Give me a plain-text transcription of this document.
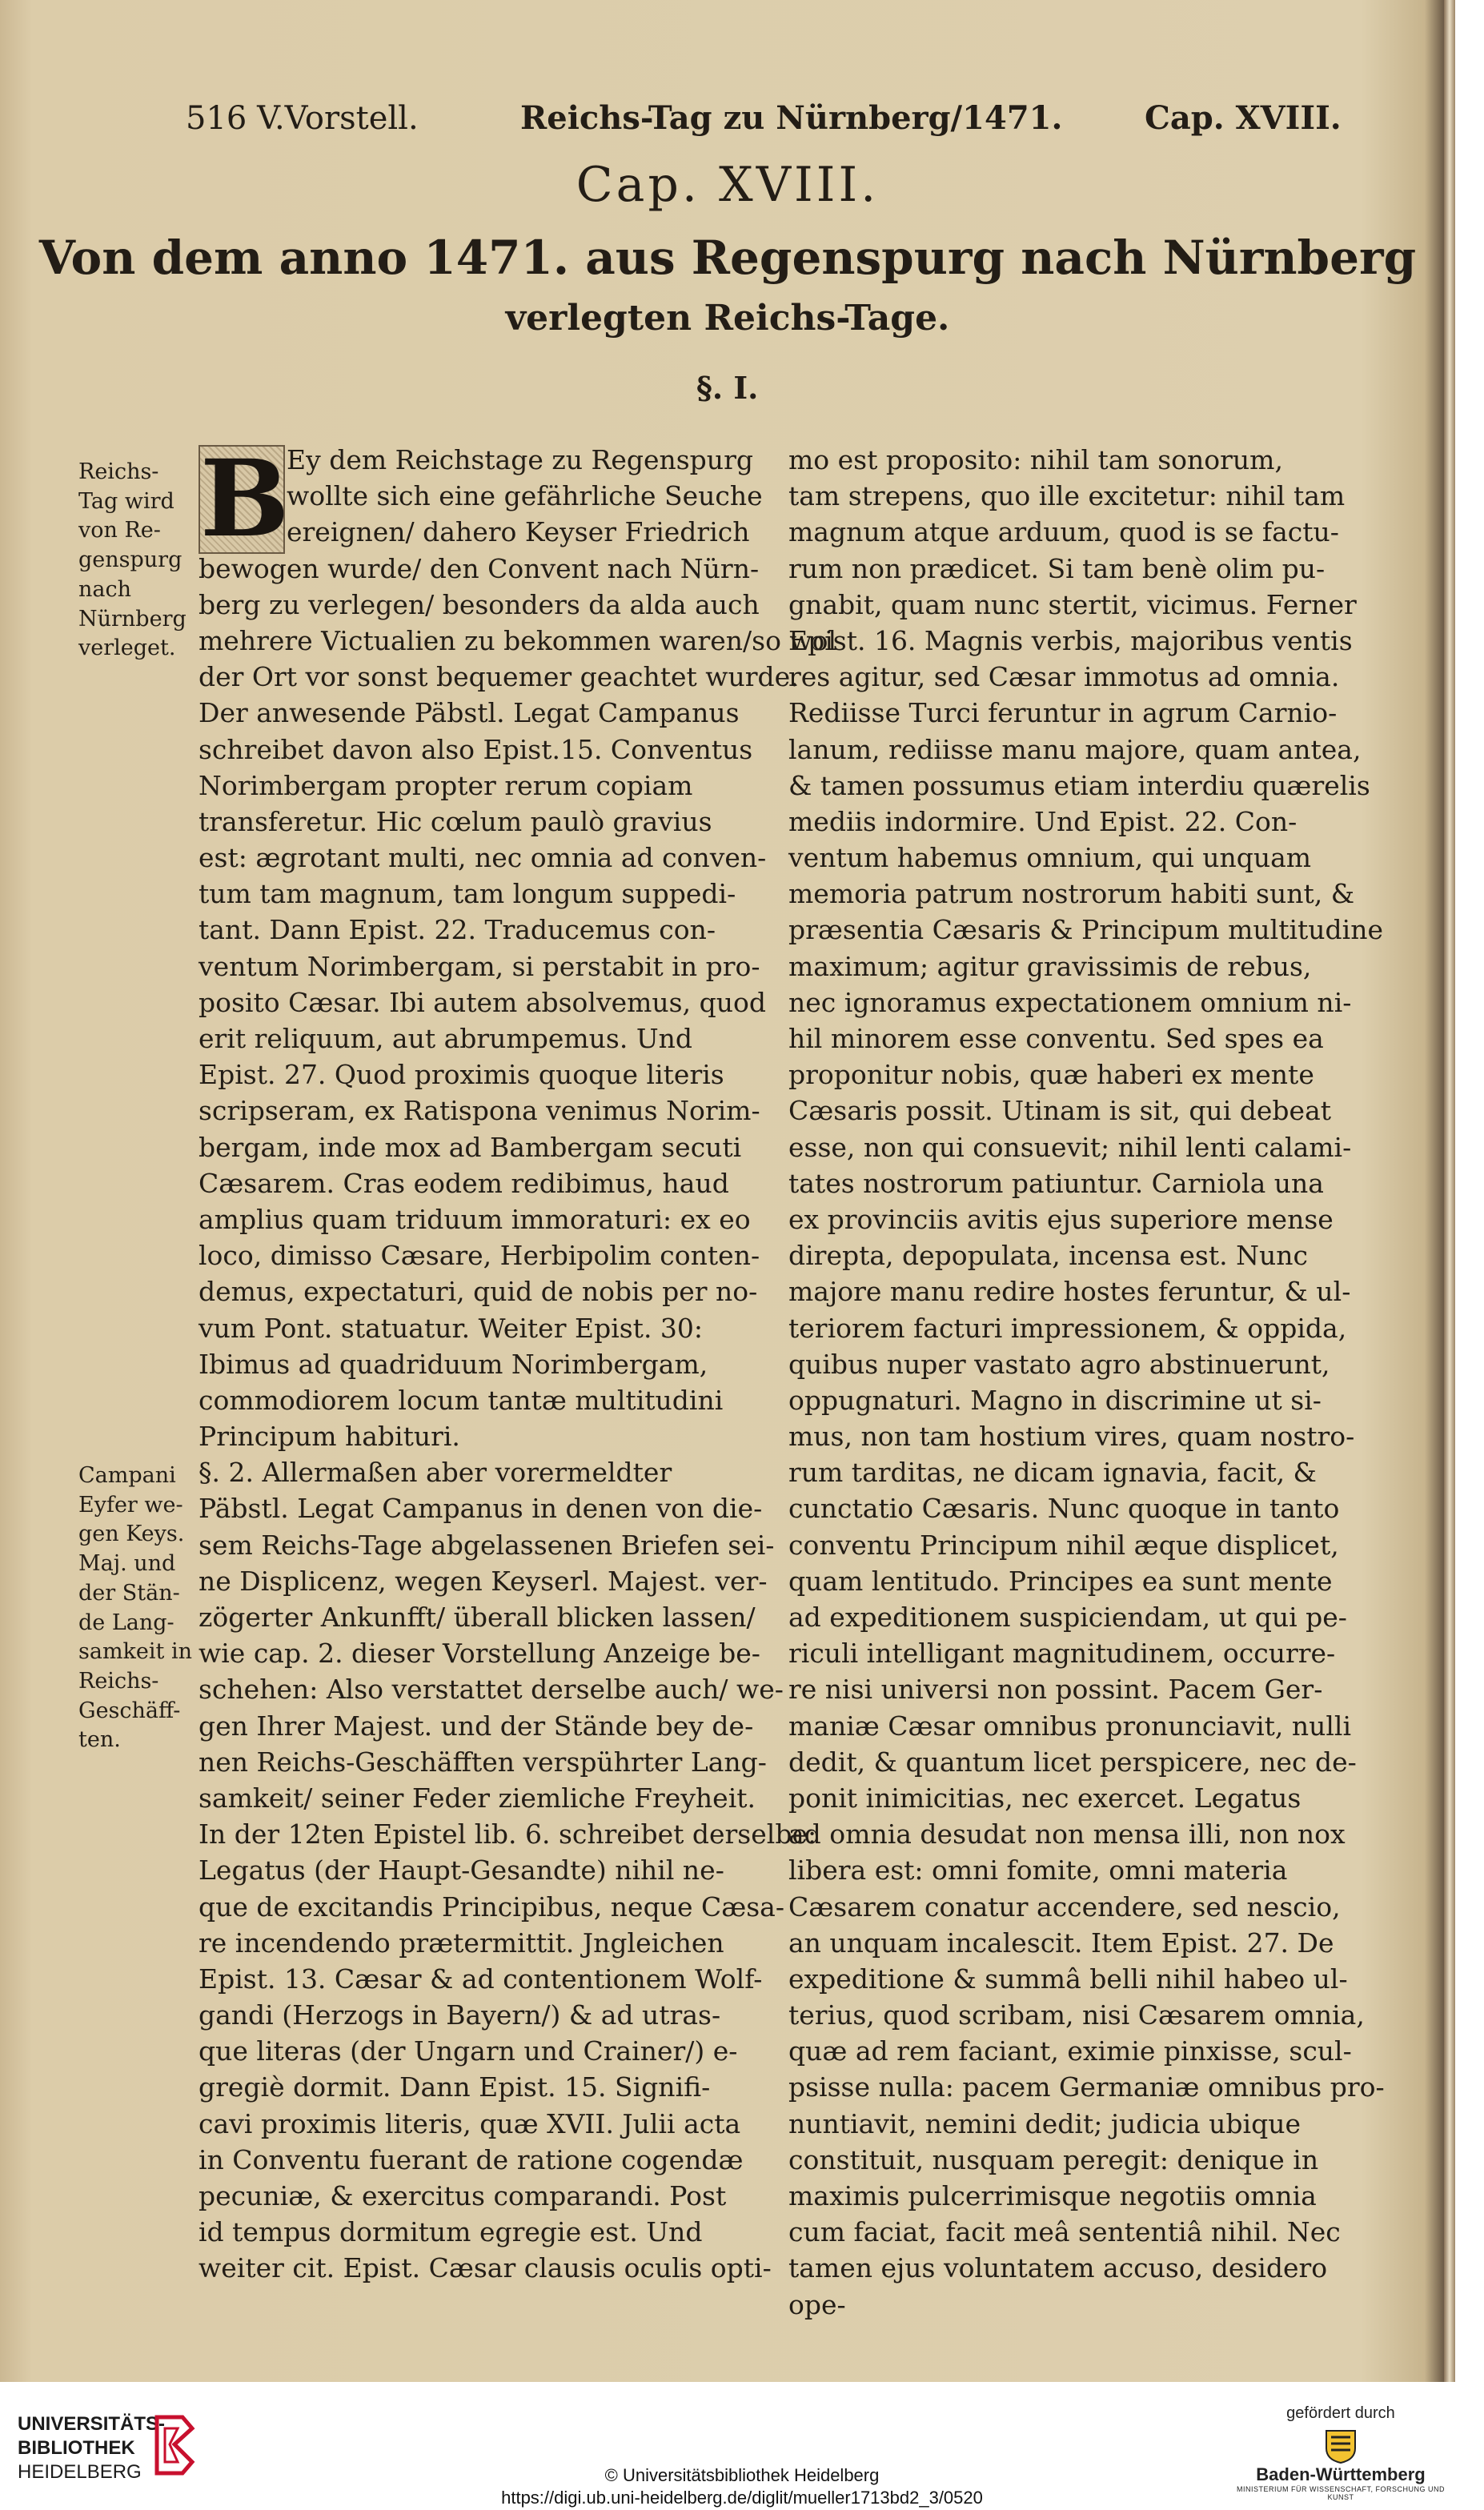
516 V.Vorstell.	Reichs-Tag zu Nürnberg/1471.	Cap. XVIII.
Cap. XVIII.
Von dem anno 1471. aus Regenspurg nach Nürnberg
verlegten Reichs-Tage.
§. I.
B
Reichs-
Tag wird
von Re-
genspurg
nach
Nürnberg
verleget.
Campani
Eyfer we-
gen Keys.
Maj. und
der Stän-
de Lang-
samkeit in
Reichs-
Geschäff-
ten.
Ey dem Reichstage zu Regenspurg
wollte sich eine gefährliche Seuche
ereignen/ dahero Keyser Friedrich
bewogen wurde/ den Convent nach Nürn-
berg zu verlegen/ besonders da alda auch
mehrere Victualien zu bekommen waren/so wol
der Ort vor sonst bequemer geachtet wurde.
Der anwesende Päbstl. Legat Campanus
schreibet davon also Epist.15. Conventus
Norimbergam propter rerum copiam
transferetur. Hic cœlum paulò gravius
est: ægrotant multi, nec omnia ad conven-
tum tam magnum, tam longum suppedi-
tant. Dann Epist. 22. Traducemus con-
ventum Norimbergam, si perstabit in pro-
posito Cæsar. Ibi autem absolvemus, quod
erit reliquum, aut abrumpemus. Und
Epist. 27. Quod proximis quoque literis
scripseram, ex Ratispona venimus Norim-
bergam, inde mox ad Bambergam secuti
Cæsarem. Cras eodem redibimus, haud
amplius quam triduum immoraturi: ex eo
loco, dimisso Cæsare, Herbipolim conten-
demus, expectaturi, quid de nobis per no-
vum Pont. statuatur. Weiter Epist. 30:
Ibimus ad quadriduum Norimbergam,
commodiorem locum tantæ multitudini
Principum habituri.
§. 2. Allermaßen aber vorermeldter
Päbstl. Legat Campanus in denen von die-
sem Reichs-Tage abgelassenen Briefen sei-
ne Displicenz, wegen Keyserl. Majest. ver-
zögerter Ankunfft/ überall blicken lassen/
wie cap. 2. dieser Vorstellung Anzeige be-
schehen: Also verstattet derselbe auch/ we-
gen Ihrer Majest. und der Stände bey de-
nen Reichs-Geschäfften verspührter Lang-
samkeit/ seiner Feder ziemliche Freyheit.
In der 12ten Epistel lib. 6. schreibet derselbe:
Legatus (der Haupt-Gesandte) nihil ne-
que de excitandis Principibus, neque Cæsa-
re incendendo prætermittit. Jngleichen
Epist. 13. Cæsar & ad contentionem Wolf-
gandi (Herzogs in Bayern/) & ad utras-
que literas (der Ungarn und Crainer/) e-
gregiè dormit. Dann Epist. 15. Signifi-
cavi proximis literis, quæ XVII. Julii acta
in Conventu fuerant de ratione cogendæ
pecuniæ, & exercitus comparandi. Post
id tempus dormitum egregie est. Und
weiter cit. Epist. Cæsar clausis oculis opti-
mo est proposito: nihil tam sonorum,
tam strepens, quo ille excitetur: nihil tam
magnum atque arduum, quod is se factu-
rum non prædicet. Si tam benè olim pu-
gnabit, quam nunc stertit, vicimus. Ferner
Epist. 16. Magnis verbis, majoribus ventis
res agitur, sed Cæsar immotus ad omnia.
Rediisse Turci feruntur in agrum Carnio-
lanum, rediisse manu majore, quam antea,
& tamen possumus etiam interdiu quærelis
mediis indormire. Und Epist. 22. Con-
ventum habemus omnium, qui unquam
memoria patrum nostrorum habiti sunt, &
præsentia Cæsaris & Principum multitudine
maximum; agitur gravissimis de rebus,
nec ignoramus expectationem omnium ni-
hil minorem esse conventu. Sed spes ea
proponitur nobis, quæ haberi ex mente
Cæsaris possit. Utinam is sit, qui debeat
esse, non qui consuevit; nihil lenti calami-
tates nostrorum patiuntur. Carniola una
ex provinciis avitis ejus superiore mense
direpta, depopulata, incensa est. Nunc
majore manu redire hostes feruntur, & ul-
teriorem facturi impressionem, & oppida,
quibus nuper vastato agro abstinuerunt,
oppugnaturi. Magno in discrimine ut si-
mus, non tam hostium vires, quam nostro-
rum tarditas, ne dicam ignavia, facit, &
cunctatio Cæsaris. Nunc quoque in tanto
conventu Principum nihil æque displicet,
quam lentitudo. Principes ea sunt mente
ad expeditionem suspiciendam, ut qui pe-
riculi intelligant magnitudinem, occurre-
re nisi universi non possint. Pacem Ger-
maniæ Cæsar omnibus pronunciavit, nulli
dedit, & quantum licet perspicere, nec de-
ponit inimicitias, nec exercet. Legatus
ad omnia desudat non mensa illi, non nox
libera est: omni fomite, omni materia
Cæsarem conatur accendere, sed nescio,
an unquam incalescit. Item Epist. 27. De
expeditione & summâ belli nihil habeo ul-
terius, quod scribam, nisi Cæsarem omnia,
quæ ad rem faciant, eximie pinxisse, scul-
psisse nulla: pacem Germaniæ omnibus pro-
nuntiavit, nemini dedit; judicia ubique
constituit, nusquam peregit: denique in
maximis pulcerrimisque negotiis omnia
cum faciat, facit meâ sententiâ nihil. Nec
tamen ejus voluntatem accuso, desidero
ope-
UNIVERSITÄTS-
BIBLIOTHEK
HEIDELBERG	© Universitätsbibliothek Heidelberg
https://digi.ub.uni-heidelberg.de/diglit/mueller1713bd2_3/0520
gefördert durch
Baden-Württemberg
MINISTERIUM FÜR WISSENSCHAFT, FORSCHUNG UND KUNST
